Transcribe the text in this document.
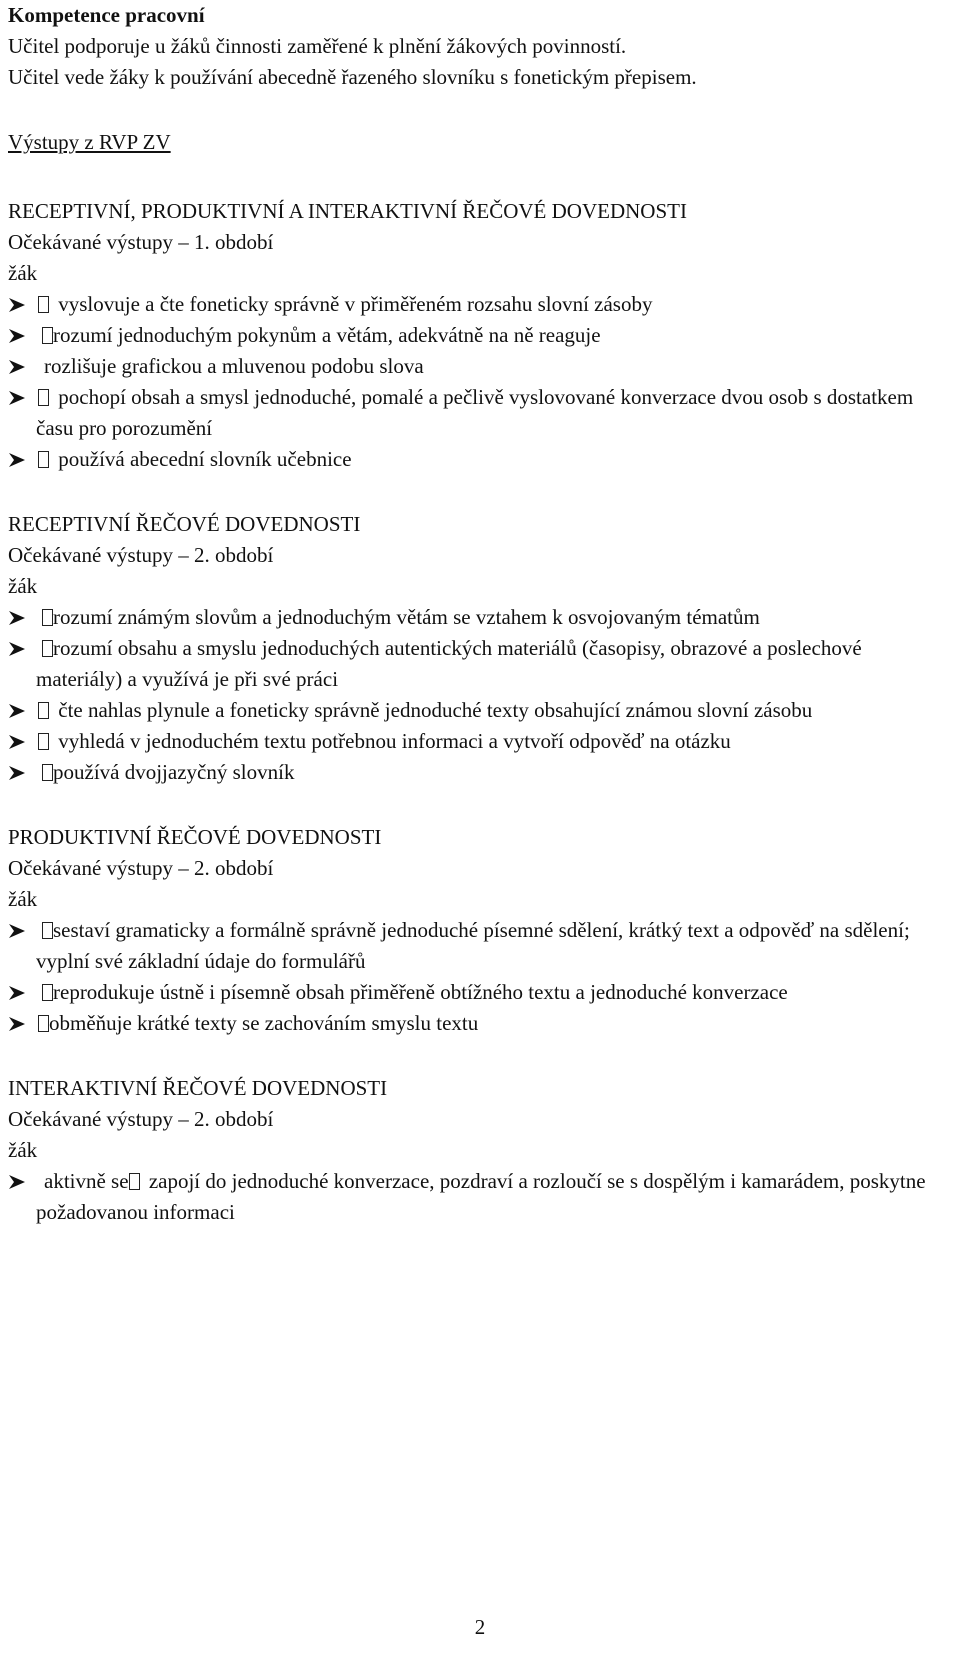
Kompetence pracovní
Učitel podporuje u žáků činnosti zaměřené k plnění žákových povinností.
Učitel vede žáky k používání abecedně řazeného slovníku s fonetickým přepisem.
Výstupy z RVP ZV
RECEPTIVNÍ, PRODUKTIVNÍ A INTERAKTIVNÍ ŘEČOVÉ DOVEDNOSTI
Očekávané výstupy – 1. období
žák
vyslovuje a čte foneticky správně v přiměřeném rozsahu slovní zásoby
rozumí jednoduchým pokynům a větám, adekvátně na ně reaguje
rozlišuje grafickou a mluvenou podobu slova
pochopí obsah a smysl jednoduché, pomalé a pečlivě vyslovované konverzace dvou osob s dostatkem času pro porozumění
používá abecední slovník učebnice
RECEPTIVNÍ ŘEČOVÉ DOVEDNOSTI
Očekávané výstupy – 2. období
žák
rozumí známým slovům a jednoduchým větám se vztahem k osvojovaným tématům
rozumí obsahu a smyslu jednoduchých autentických materiálů (časopisy, obrazové a poslechové materiály) a využívá je při své práci
čte nahlas plynule a foneticky správně jednoduché texty obsahující známou slovní zásobu
vyhledá v jednoduchém textu potřebnou informaci a vytvoří odpověď na otázku
používá dvojjazyčný slovník
PRODUKTIVNÍ ŘEČOVÉ DOVEDNOSTI
Očekávané výstupy – 2. období
žák
sestaví gramaticky a formálně správně jednoduché písemné sdělení, krátký text a odpověď na sdělení; vyplní své základní údaje do formulářů
reprodukuje ústně i písemně obsah přiměřeně obtížného textu a jednoduché konverzace
obměňuje krátké texty se zachováním smyslu textu
INTERAKTIVNÍ ŘEČOVÉ DOVEDNOSTI
Očekávané výstupy – 2. období
žák
aktivně se zapojí do jednoduché konverzace, pozdraví a rozloučí se s dospělým i kamarádem, poskytne požadovanou informaci
2
